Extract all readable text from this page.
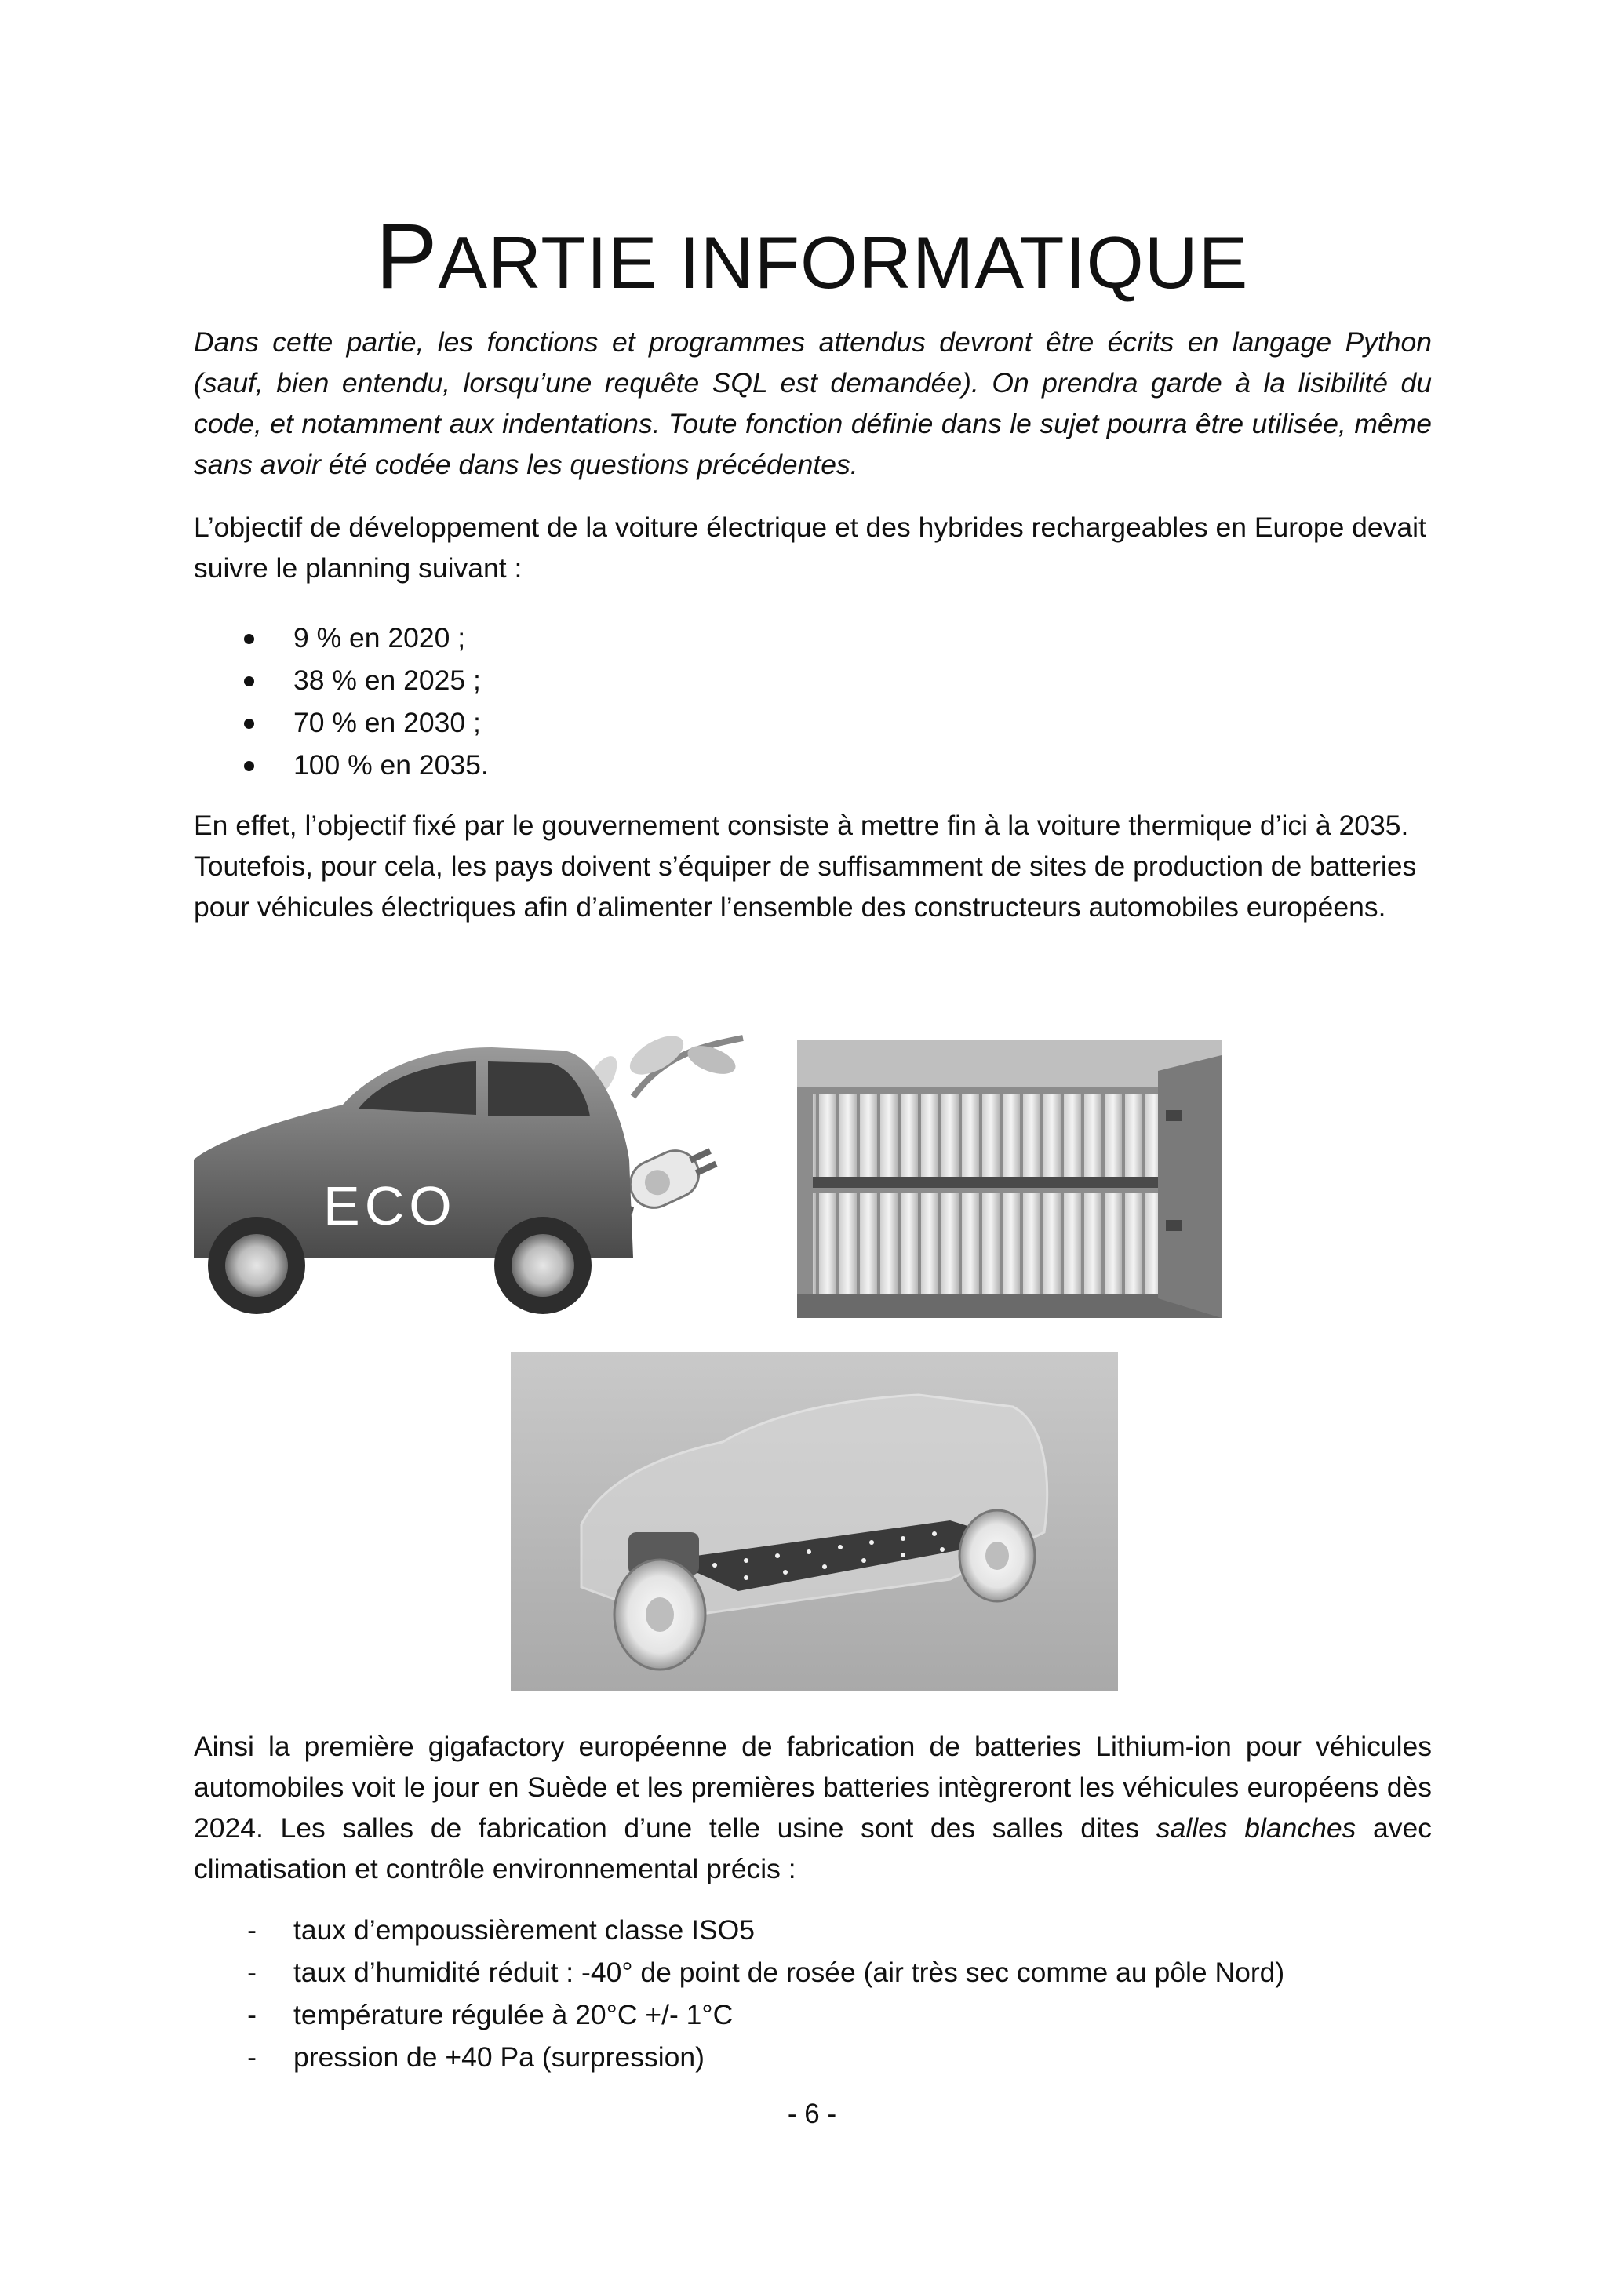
PARTIE INFORMATIQUE

Dans cette partie, les fonctions et programmes attendus devront être écrits en langage Python (sauf, bien entendu, lorsqu’une requête SQL est demandée). On prendra garde à la lisibilité du code, et notamment aux indentations. Toute fonction définie dans le sujet pourra être utilisée, même sans avoir été codée dans les questions précédentes.

L’objectif de développement de la voiture électrique et des hybrides rechargeables en Europe devait suivre le planning suivant :

9 % en 2020 ;
38 % en 2025 ;
70 % en 2030 ;
100 % en 2035.

En effet, l’objectif fixé par le gouvernement consiste à mettre fin à la voiture thermique d’ici à 2035. Toutefois, pour cela, les pays doivent s’équiper de suffisamment de sites de production de batteries pour véhicules électriques afin d’alimenter l’ensemble des constructeurs automobiles européens.

ECO

Ainsi la première gigafactory européenne de fabrication de batteries Lithium-ion pour véhicules automobiles voit le jour en Suède et les premières batteries intègreront les véhicules européens dès 2024. Les salles de fabrication d’une telle usine sont des salles dites salles blanches avec climatisation et contrôle environnemental précis :

- taux d’empoussièrement classe ISO5
- taux d’humidité réduit : -40° de point de rosée (air très sec comme au pôle Nord)
- température régulée à 20°C +/- 1°C
- pression de +40 Pa (surpression)
- 6 -
